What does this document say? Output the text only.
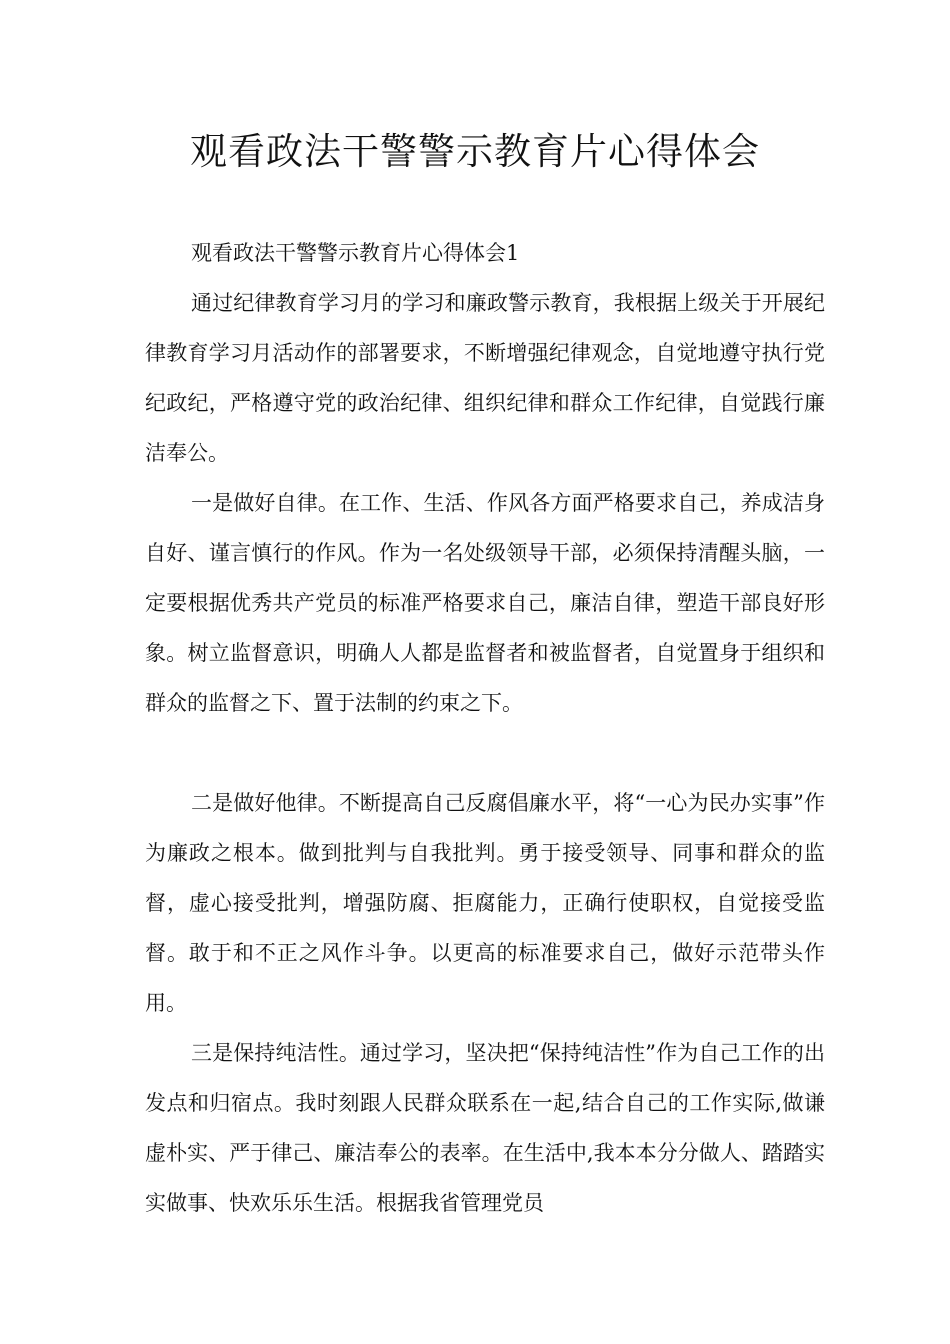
观看政法干警警示教育片心得体会

观看政法干警警示教育片心得体会1

通过纪律教育学习月的学习和廉政警示教育，我根据上级关于开展纪律教育学习月活动作的部署要求，不断增强纪律观念，自觉地遵守执行党纪政纪，严格遵守党的政治纪律、组织纪律和群众工作纪律，自觉践行廉洁奉公。

一是做好自律。在工作、生活、作风各方面严格要求自己，养成洁身自好、谨言慎行的作风。作为一名处级领导干部，必须保持清醒头脑，一定要根据优秀共产党员的标准严格要求自己，廉洁自律，塑造干部良好形象。树立监督意识，明确人人都是监督者和被监督者，自觉置身于组织和群众的监督之下、置于法制的约束之下。

二是做好他律。不断提高自己反腐倡廉水平，将“一心为民办实事”作为廉政之根本。做到批判与自我批判。勇于接受领导、同事和群众的监督，虚心接受批判，增强防腐、拒腐能力，正确行使职权，自觉接受监督。敢于和不正之风作斗争。以更高的标准要求自己，做好示范带头作用。

三是保持纯洁性。通过学习，坚决把“保持纯洁性”作为自己工作的出发点和归宿点。我时刻跟人民群众联系在一起,结合自己的工作实际,做谦虚朴实、严于律己、廉洁奉公的表率。在生活中,我本本分分做人、踏踏实实做事、快欢乐乐生活。根据我省管理党员
